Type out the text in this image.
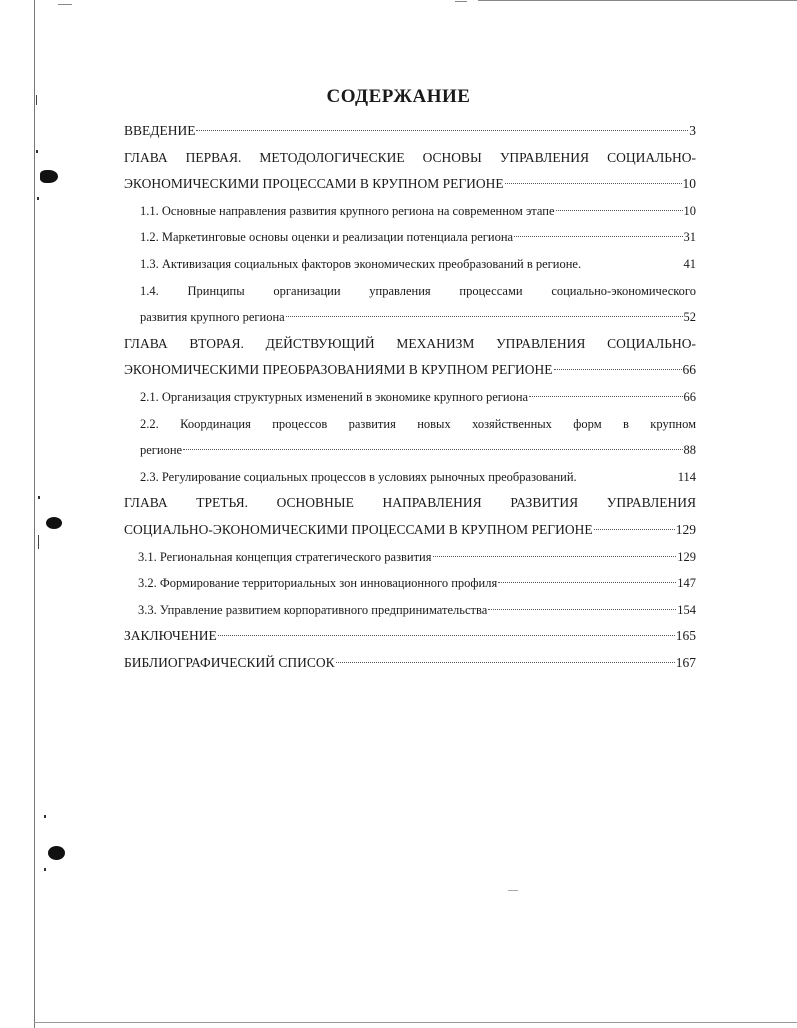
СОДЕРЖАНИЕ
ВВЕДЕНИЕ	3
ГЛАВА ПЕРВАЯ. МЕТОДОЛОГИЧЕСКИЕ ОСНОВЫ УПРАВЛЕНИЯ СОЦИАЛЬНО-
ЭКОНОМИЧЕСКИМИ ПРОЦЕССАМИ В КРУПНОМ РЕГИОНЕ	10
1.1. Основные направления развития крупного региона на современном этапе	10
1.2. Маркетинговые основы оценки и реализации потенциала региона	31
1.3. Активизация социальных факторов экономических преобразований в регионе.	41
1.4. Принципы организации управления процессами социально-экономического
развития крупного региона	52
ГЛАВА ВТОРАЯ. ДЕЙСТВУЮЩИЙ МЕХАНИЗМ УПРАВЛЕНИЯ СОЦИАЛЬНО-
ЭКОНОМИЧЕСКИМИ ПРЕОБРАЗОВАНИЯМИ В КРУПНОМ РЕГИОНЕ	66
2.1. Организация структурных изменений в экономике крупного региона	66
2.2. Координация процессов развития новых хозяйственных форм в крупном
регионе	88
2.3. Регулирование социальных процессов в условиях рыночных преобразований.	114
ГЛАВА ТРЕТЬЯ. ОСНОВНЫЕ НАПРАВЛЕНИЯ РАЗВИТИЯ УПРАВЛЕНИЯ
СОЦИАЛЬНО-ЭКОНОМИЧЕСКИМИ ПРОЦЕССАМИ В КРУПНОМ РЕГИОНЕ	129
3.1. Региональная концепция стратегического развития	129
3.2. Формирование территориальных зон инновационного профиля	147
3.3. Управление развитием корпоративного предпринимательства	154
ЗАКЛЮЧЕНИЕ	165
БИБЛИОГРАФИЧЕСКИЙ СПИСОК	167
